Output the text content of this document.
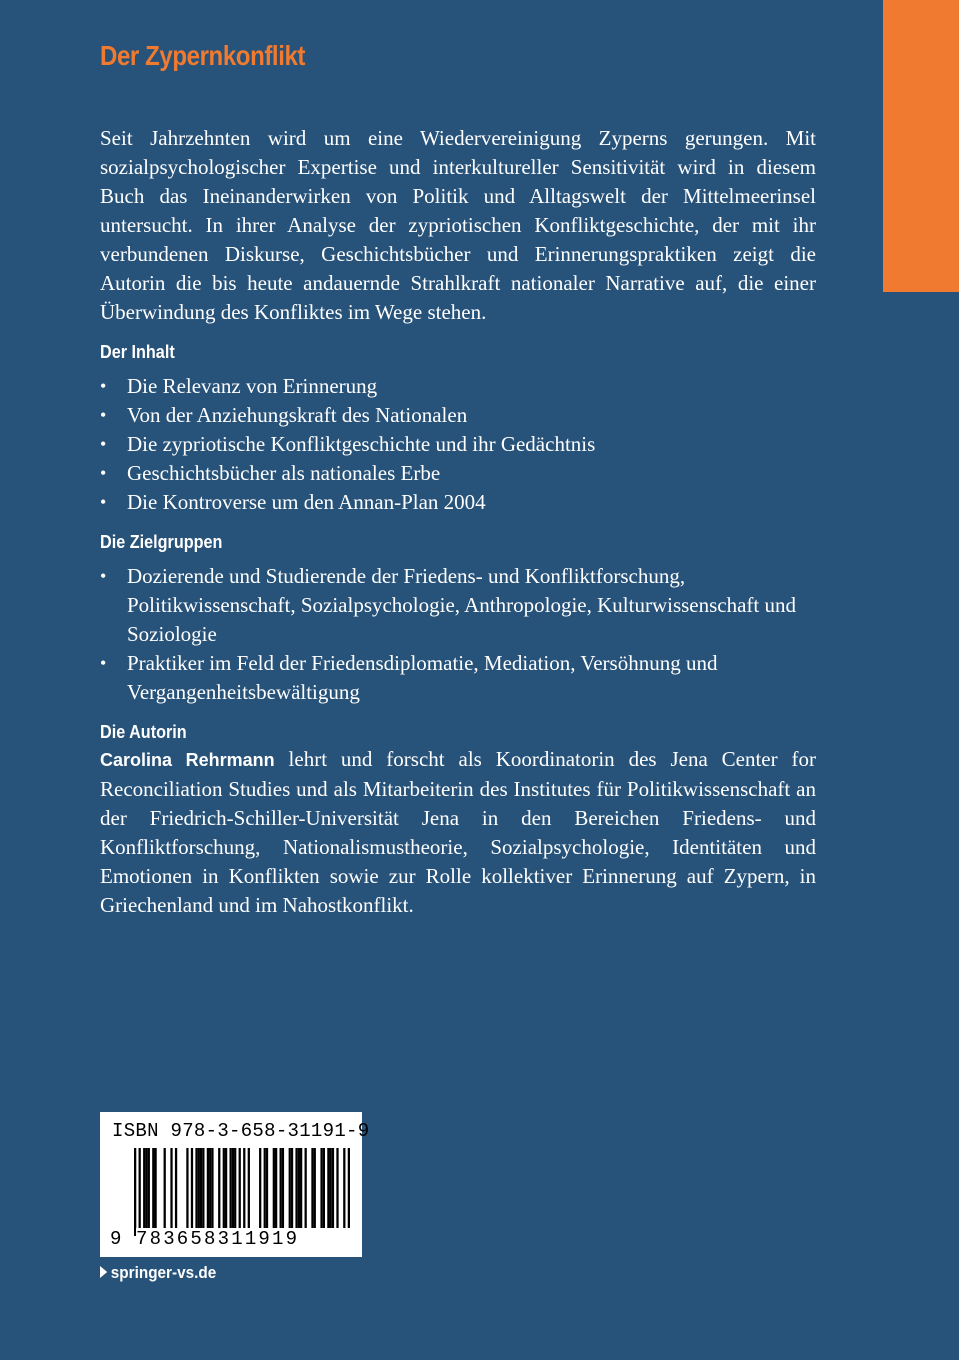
Der Zypernkonflikt

Seit Jahrzehnten wird um eine Wiedervereinigung Zyperns gerungen. Mit sozialpsychologischer Expertise und interkultureller Sensitivität wird in diesem Buch das Ineinanderwirken von Politik und Alltagswelt der Mittelmeerinsel untersucht. In ihrer Analyse der zypriotischen Konfliktgeschichte, der mit ihr verbundenen Diskurse, Geschichtsbücher und Erinnerungspraktiken zeigt die Autorin die bis heute andauernde Strahlkraft nationaler Narrative auf, die einer Überwindung des Konfliktes im Wege stehen.

Der Inhalt
• Die Relevanz von Erinnerung
• Von der Anziehungskraft des Nationalen
• Die zypriotische Konfliktgeschichte und ihr Gedächtnis
• Geschichtsbücher als nationales Erbe
• Die Kontroverse um den Annan-Plan 2004
Die Zielgruppen
• Dozierende und Studierende der Friedens- und Konfliktforschung, Politikwissenschaft, Sozialpsychologie, Anthropologie, Kulturwissenschaft und Soziologie
• Praktiker im Feld der Friedensdiplomatie, Mediation, Versöhnung und Vergangenheitsbewältigung
Die Autorin

Carolina Rehrmann lehrt und forscht als Koordinatorin des Jena Center for Reconciliation Studies und als Mitarbeiterin des Institutes für Politikwissenschaft an der Friedrich-Schiller-Universität Jena in den Bereichen Friedens- und Konfliktforschung, Nationalismustheorie, Sozialpsychologie, Identitäten und Emotionen in Konflikten sowie zur Rolle kollektiver Erinnerung auf Zypern, in Griechenland und im Nahostkonflikt.

ISBN 978-3-658-31191-9
9 783658311919
springer-vs.de
